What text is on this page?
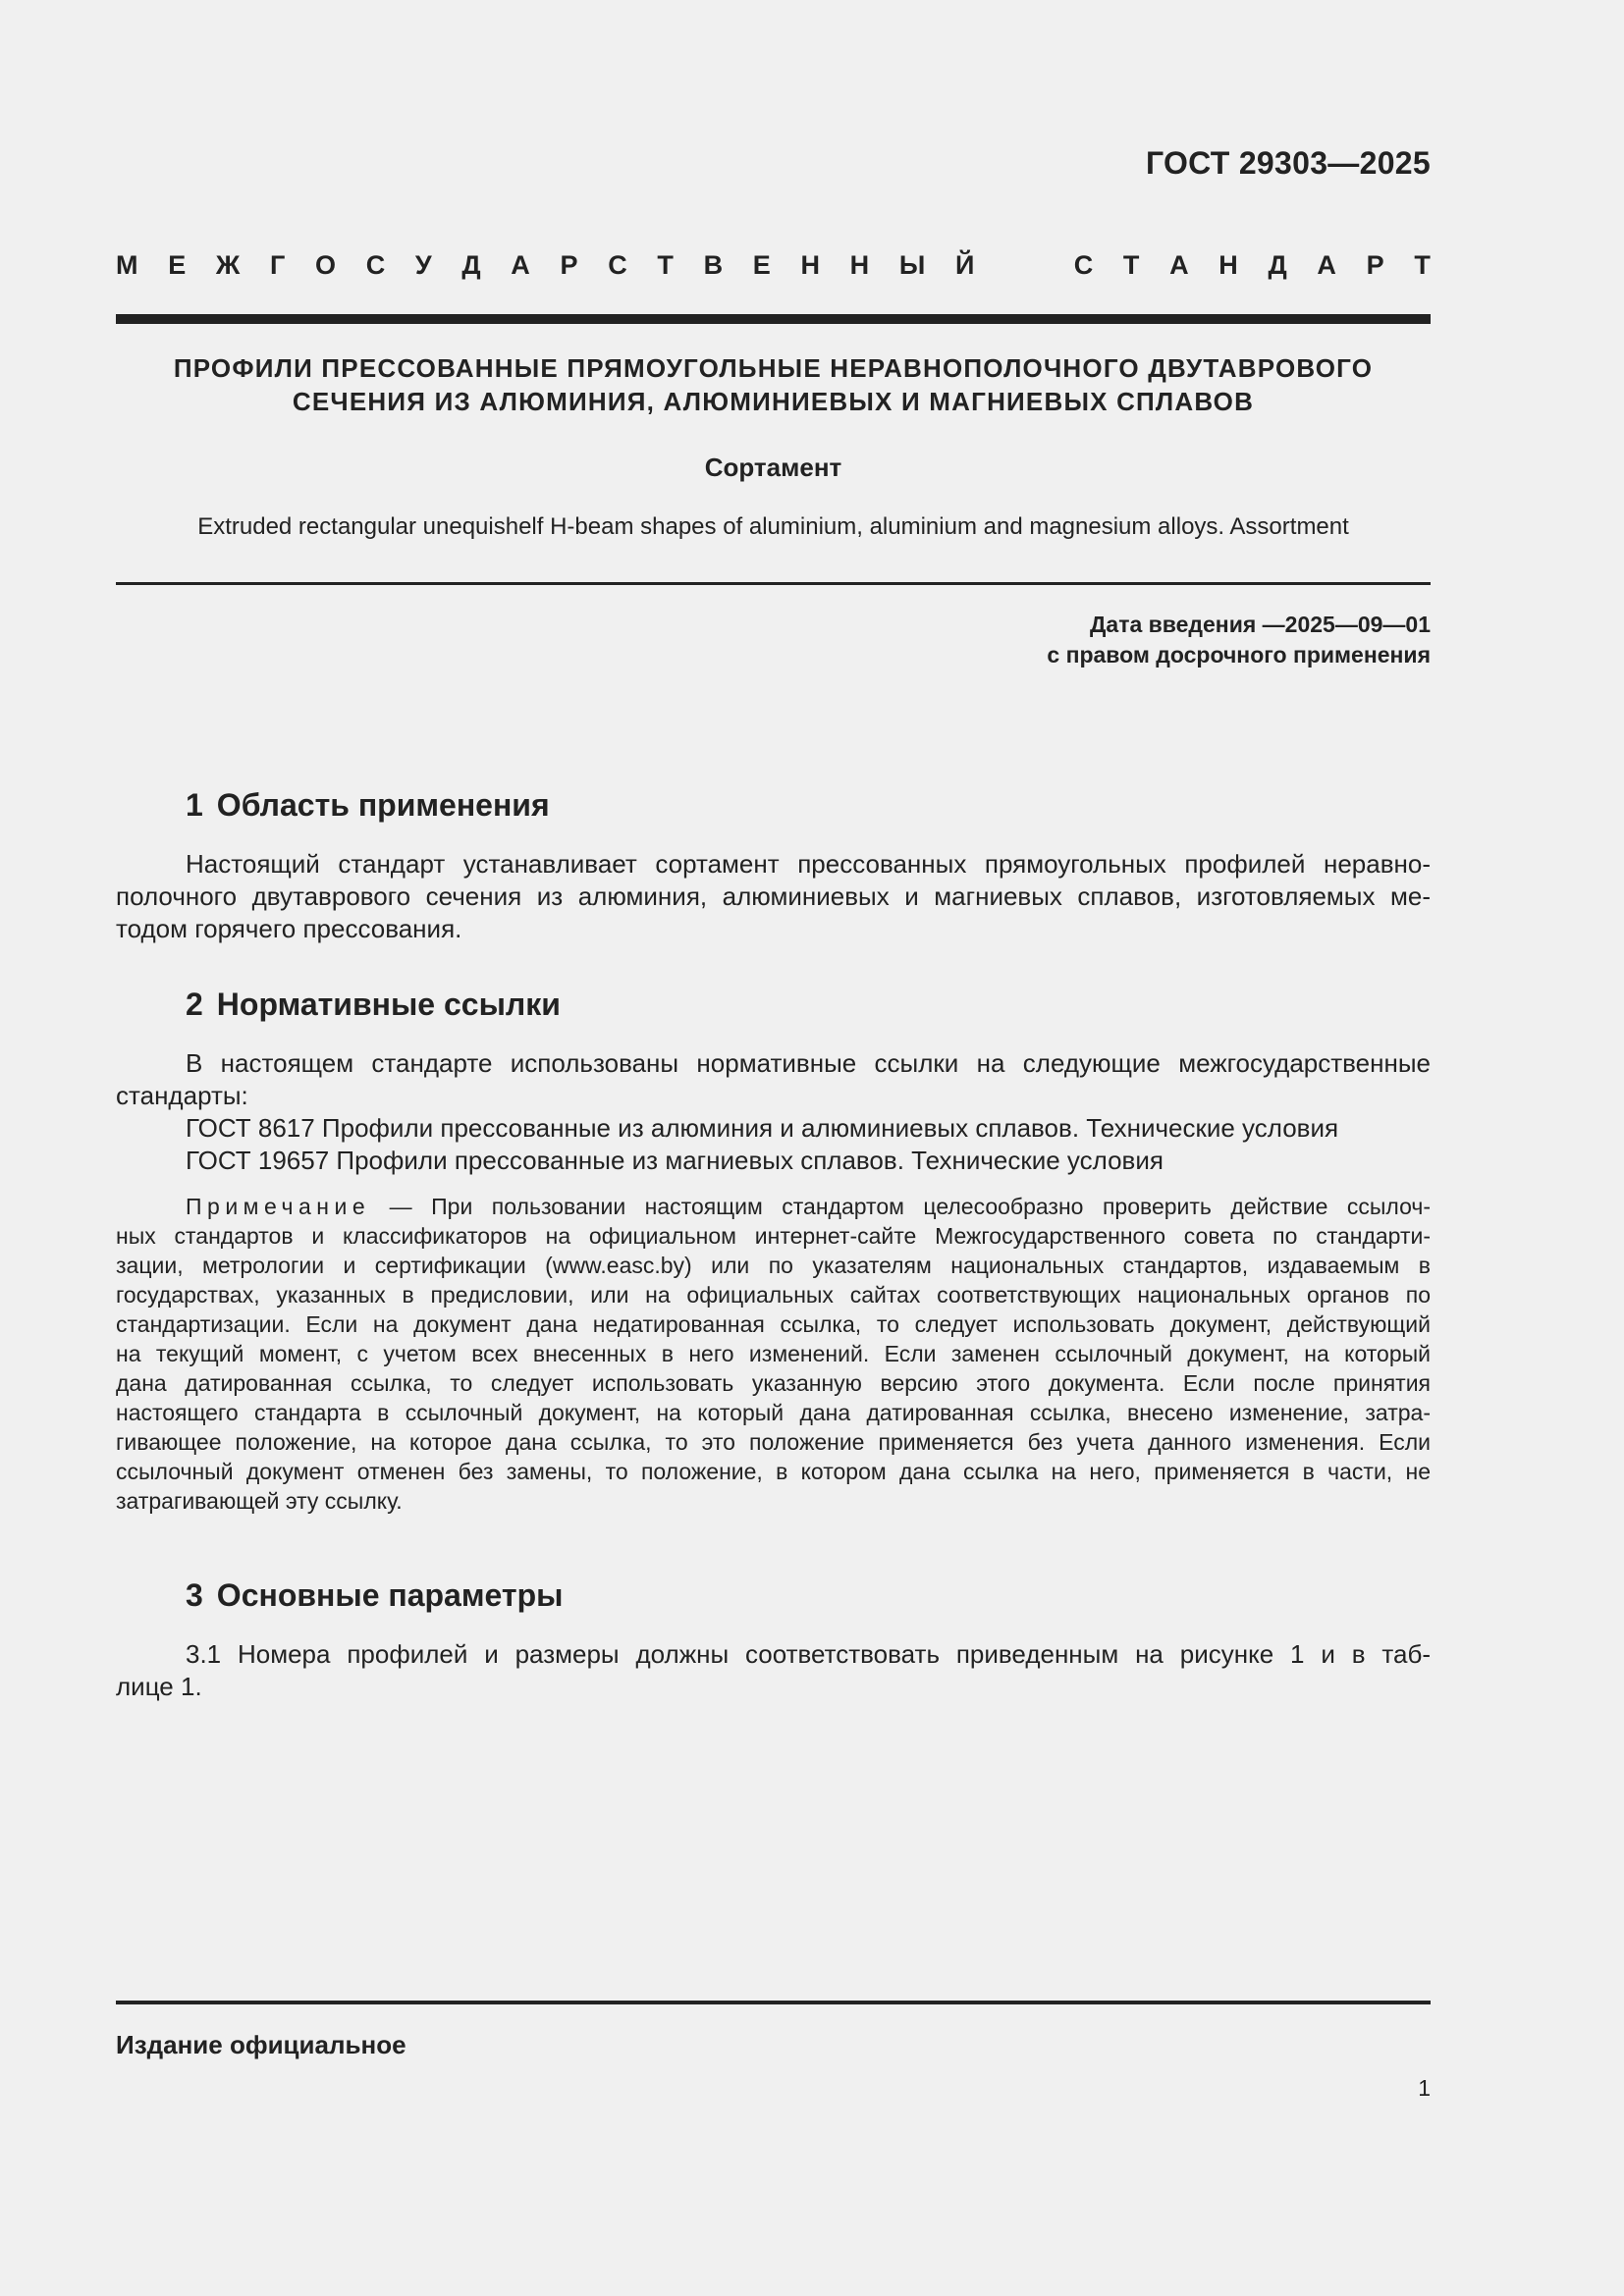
ГОСТ 29303—2025
М Е Ж Г О С У Д А Р С Т В Е Н Н Ы Й	С Т А Н Д А Р Т
ПРОФИЛИ ПРЕССОВАННЫЕ ПРЯМОУГОЛЬНЫЕ НЕРАВНОПОЛОЧНОГО ДВУТАВРОВОГО
СЕЧЕНИЯ ИЗ АЛЮМИНИЯ, АЛЮМИНИЕВЫХ И МАГНИЕВЫХ СПЛАВОВ
Сортамент
Extruded rectangular unequishelf H-beam shapes of aluminium, aluminium and magnesium alloys. Assortment
Дата введения —2025—09—01
с правом досрочного применения
1 Область применения
Настоящий стандарт устанавливает сортамент прессованных прямоугольных профилей неравно-
полочного двутаврового сечения из алюминия, алюминиевых и магниевых сплавов, изготовляемых ме-
тодом горячего прессования.
2 Нормативные ссылки
В настоящем стандарте использованы нормативные ссылки на следующие межгосударственные
стандарты:
ГОСТ 8617 Профили прессованные из алюминия и алюминиевых сплавов. Технические условия
ГОСТ 19657 Профили прессованные из магниевых сплавов. Технические условия
Примечание — При пользовании настоящим стандартом целесообразно проверить действие ссылоч-
ных стандартов и классификаторов на официальном интернет-сайте Межгосударственного совета по стандарти-
зации, метрологии и сертификации (www.easc.by) или по указателям национальных стандартов, издаваемым в
государствах, указанных в предисловии, или на официальных сайтах соответствующих национальных органов по
стандартизации. Если на документ дана недатированная ссылка, то следует использовать документ, действующий
на текущий момент, с учетом всех внесенных в него изменений. Если заменен ссылочный документ, на который
дана датированная ссылка, то следует использовать указанную версию этого документа. Если после принятия
настоящего стандарта в ссылочный документ, на который дана датированная ссылка, внесено изменение, затра-
гивающее положение, на которое дана ссылка, то это положение применяется без учета данного изменения. Если
ссылочный документ отменен без замены, то положение, в котором дана ссылка на него, применяется в части, не
затрагивающей эту ссылку.
3 Основные параметры
3.1 Номера профилей и размеры должны соответствовать приведенным на рисунке 1 и в таб-
лице 1.
Издание официальное
1
